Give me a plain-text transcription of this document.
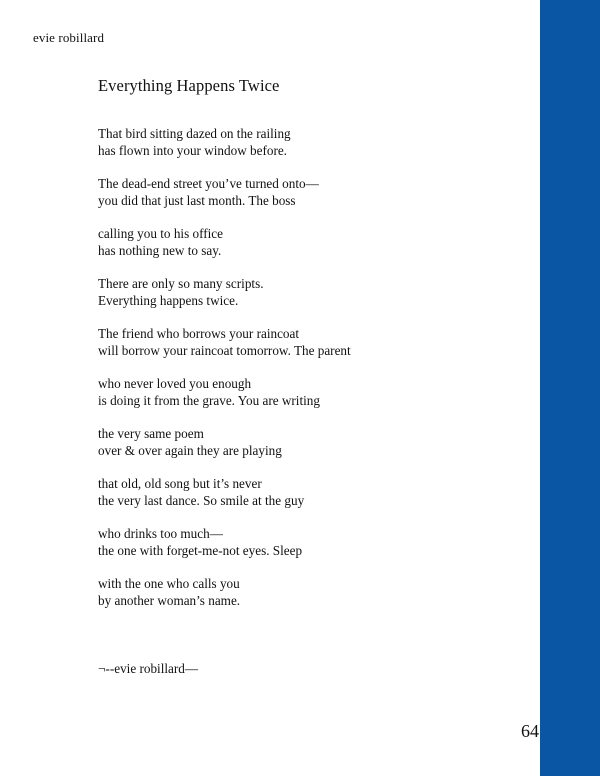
evie robillard
Everything Happens Twice
That bird sitting dazed on the railing
has flown into your window before.
The dead-end street you’ve turned onto—
you did that just last month. The boss
calling you to his office
has nothing new to say.
There are only so many scripts.
Everything happens twice.
The friend who borrows your raincoat
will borrow your raincoat tomorrow. The parent
who never loved you enough
is doing it from the grave. You are writing
the very same poem
over & over again they are playing
that old, old song but it’s never
the very last dance. So smile at the guy
who drinks too much—
the one with forget-me-not eyes. Sleep
with the one who calls you
by another woman’s name.
¬--evie robillard—
64
